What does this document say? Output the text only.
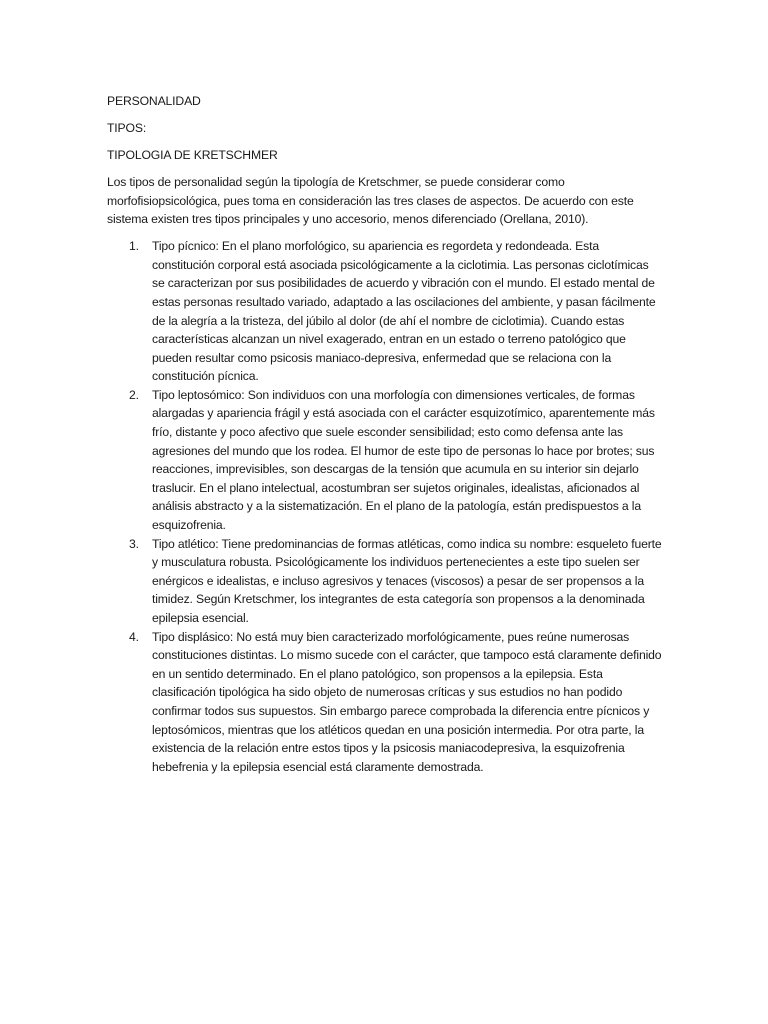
PERSONALIDAD

TIPOS:

TIPOLOGIA DE KRETSCHMER

Los tipos de personalidad según la tipología de Kretschmer, se puede considerar como morfofisiopsicológica, pues toma en consideración las tres clases de aspectos. De acuerdo con este sistema existen tres tipos principales y uno accesorio, menos diferenciado (Orellana, 2010).

1. Tipo pícnico: En el plano morfológico, su apariencia es regordeta y redondeada. Esta constitución corporal está asociada psicológicamente a la ciclotimia. Las personas ciclotímicas se caracterizan por sus posibilidades de acuerdo y vibración con el mundo. El estado mental de estas personas resultado variado, adaptado a las oscilaciones del ambiente, y pasan fácilmente de la alegría a la tristeza, del júbilo al dolor (de ahí el nombre de ciclotimia). Cuando estas características alcanzan un nivel exagerado, entran en un estado o terreno patológico que pueden resultar como psicosis maniaco-depresiva, enfermedad que se relaciona con la constitución pícnica.
2. Tipo leptosómico: Son individuos con una morfología con dimensiones verticales, de formas alargadas y apariencia frágil y está asociada con el carácter esquizotímico, aparentemente más frío, distante y poco afectivo que suele esconder sensibilidad; esto como defensa ante las agresiones del mundo que los rodea. El humor de este tipo de personas lo hace por brotes; sus reacciones, imprevisibles, son descargas de la tensión que acumula en su interior sin dejarlo traslucir. En el plano intelectual, acostumbran ser sujetos originales, idealistas, aficionados al análisis abstracto y a la sistematización. En el plano de la patología, están predispuestos a la esquizofrenia.
3. Tipo atlético: Tiene predominancias de formas atléticas, como indica su nombre: esqueleto fuerte y musculatura robusta. Psicológicamente los individuos pertenecientes a este tipo suelen ser enérgicos e idealistas, e incluso agresivos y tenaces (viscosos) a pesar de ser propensos a la timidez. Según Kretschmer, los integrantes de esta categoría son propensos a la denominada epilepsia esencial.
4. Tipo displásico: No está muy bien caracterizado morfológicamente, pues reúne numerosas constituciones distintas. Lo mismo sucede con el carácter, que tampoco está claramente definido en un sentido determinado. En el plano patológico, son propensos a la epilepsia. Esta clasificación tipológica ha sido objeto de numerosas críticas y sus estudios no han podido confirmar todos sus supuestos. Sin embargo parece comprobada la diferencia entre pícnicos y leptosómicos, mientras que los atléticos quedan en una posición intermedia. Por otra parte, la existencia de la relación entre estos tipos y la psicosis maniacodepresiva, la esquizofrenia hebefrenia y la epilepsia esencial está claramente demostrada.
